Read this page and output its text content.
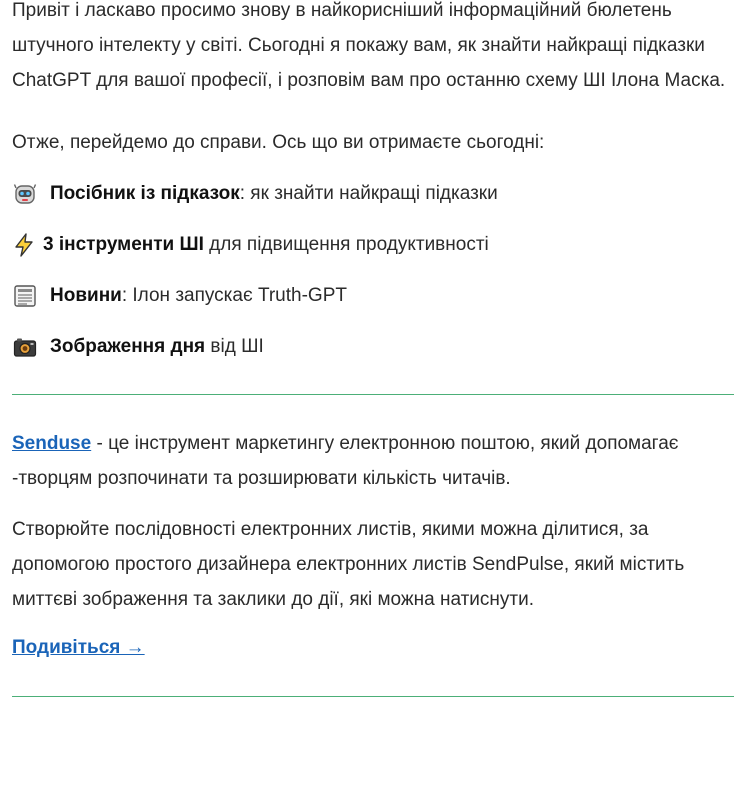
Привіт і ласкаво просимо знову в найкорисніший інформаційний бюлетень штучного інтелекту у світі. Сьогодні я покажу вам, як знайти найкращі підказки ChatGPT для вашої професії, і розповім вам про останню схему ШІ Ілона Маска.

Отже, перейдемо до справи. Ось що ви отримаєте сьогодні:

Посібник із підказок: як знайти найкращі підказки
3 інструменти ШІ для підвищення продуктивності
Новини: Ілон запускає Truth-GPT
Зображення дня від ШІ

Senduse - це інструмент маркетингу електронною поштою, який допомагає -творцям розпочинати та розширювати кількість читачів.

Створюйте послідовності електронних листів, якими можна ділитися, за допомогою простого дизайнера електронних листів SendPulse, який містить миттєві зображення та заклики до дії, які можна натиснути.

Подивіться →
